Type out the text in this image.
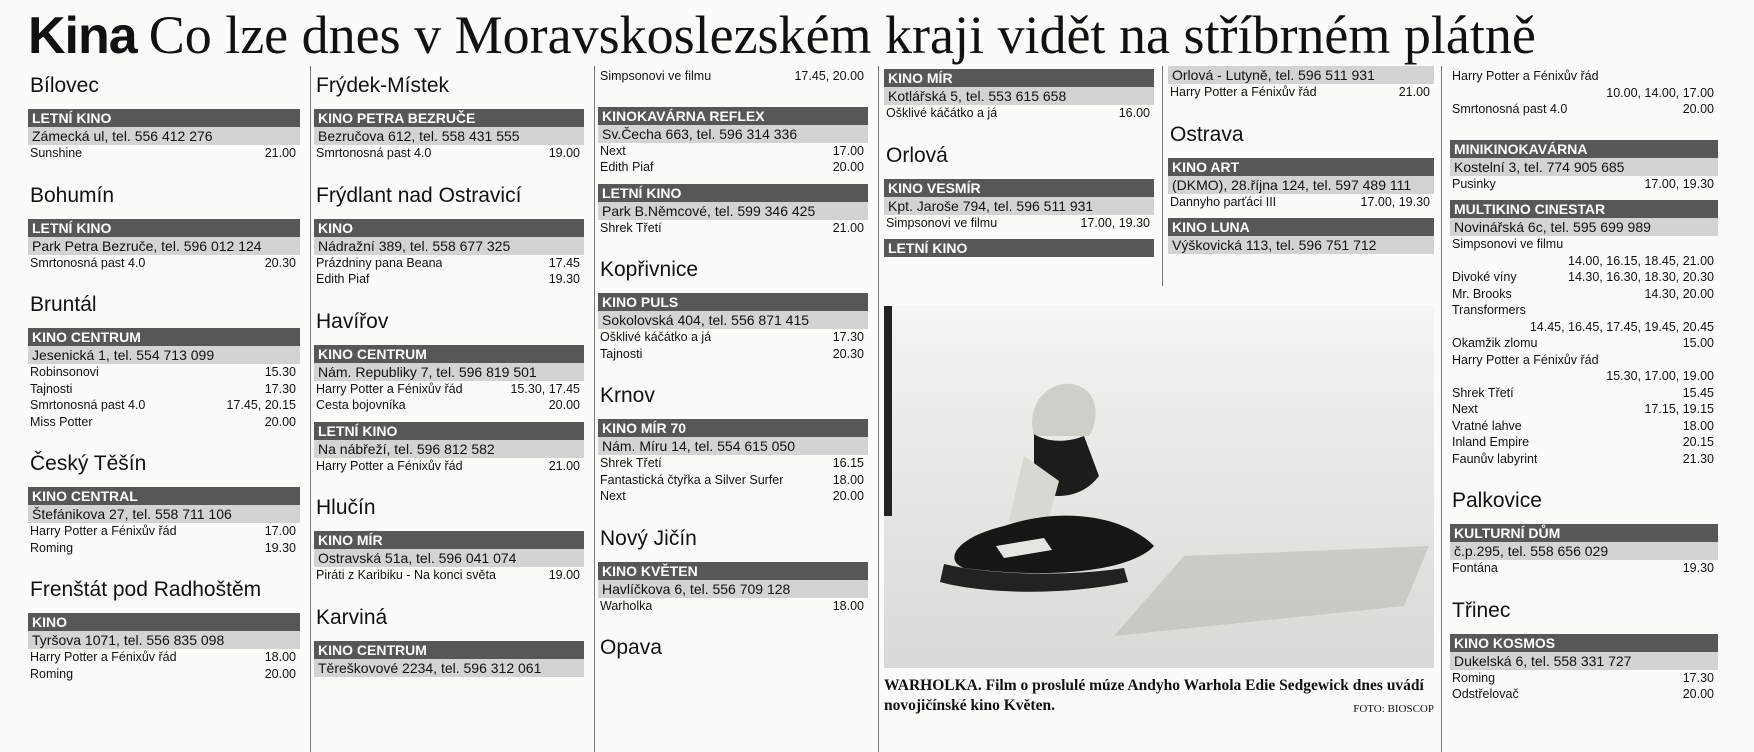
Kina Co lze dnes v Moravskoslezském kraji vidět na stříbrném plátně
Bílovec
LETNÍ KINO
Zámecká ul, tel. 556 412 276
Sunshine	21.00
Bohumín
LETNÍ KINO
Park Petra Bezruče, tel. 596 012 124
Smrtonosná past 4.0	20.30
Bruntál
KINO CENTRUM
Jesenická 1, tel. 554 713 099
Robinsonovi	15.30
Tajnosti	17.30
Smrtonosná past 4.0	17.45, 20.15
Miss Potter	20.00
Český Těšín
KINO CENTRAL
Štefánikova 27, tel. 558 711 106
Harry Potter a Fénixův řád	17.00
Roming	19.30
Frenštát pod Radhoštěm
KINO
Tyršova 1071, tel. 556 835 098
Harry Potter a Fénixův řád	18.00
Roming	20.00
Frýdek-Místek
KINO PETRA BEZRUČE
Bezručova 612, tel. 558 431 555
Smrtonosná past 4.0	19.00
Frýdlant nad Ostravicí
KINO
Nádražní 389, tel. 558 677 325
Prázdniny pana Beana	17.45
Edith Piaf	19.30
Havířov
KINO CENTRUM
Nám. Republiky 7, tel. 596 819 501
Harry Potter a Fénixův řád	15.30, 17.45
Cesta bojovníka	20.00
LETNÍ KINO
Na nábřeží, tel. 596 812 582
Harry Potter a Fénixův řád	21.00
Hlučín
KINO MÍR
Ostravská 51a, tel. 596 041 074
Piráti z Karibiku - Na konci světa	19.00
Karviná
KINO CENTRUM
Těreškovové 2234, tel. 596 312 061
Simpsonovi ve filmu	17.45, 20.00
KINOKAVÁRNA REFLEX
Sv.Čecha 663, tel. 596 314 336
Next	17.00
Edith Piaf	20.00
LETNÍ KINO
Park B.Němcové, tel. 599 346 425
Shrek Třetí	21.00
Kopřivnice
KINO PULS
Sokolovská 404, tel. 556 871 415
Ošklivé káčátko a já	17.30
Tajnosti	20.30
Krnov
KINO MÍR 70
Nám. Míru 14, tel. 554 615 050
Shrek Třetí	16.15
Fantastická čtyřka a Silver Surfer	18.00
Next	20.00
Nový Jičín
KINO KVĚTEN
Havlíčkova 6, tel. 556 709 128
Warholka	18.00
Opava
KINO MÍR
Kotlářská 5, tel. 553 615 658
Ošklivé káčátko a já	16.00
Orlová
KINO VESMÍR
Kpt. Jaroše 794, tel. 596 511 931
Simpsonovi ve filmu	17.00, 19.30
LETNÍ KINO
Orlová - Lutyně, tel. 596 511 931
Harry Potter a Fénixův řád	21.00
Ostrava
KINO ART
(DKMO), 28.října 124, tel. 597 489 111
Dannyho parťáci III	17.00, 19.30
KINO LUNA
Výškovická 113, tel. 596 751 712
Harry Potter a Fénixův řád
10.00, 14.00, 17.00
Smrtonosná past 4.0	20.00
MINIKINOKAVÁRNA
Kostelní 3, tel. 774 905 685
Pusinky	17.00, 19.30
MULTIKINO CINESTAR
Novinářská 6c, tel. 595 699 989
Simpsonovi ve filmu
14.00, 16.15, 18.45, 21.00
Divoké víny	14.30, 16.30, 18.30, 20.30
Mr. Brooks	14.30, 20.00
Transformers
14.45, 16.45, 17.45, 19.45, 20.45
Okamžik zlomu	15.00
Harry Potter a Fénixův řád
15.30, 17.00, 19.00
Shrek Třetí	15.45
Next	17.15, 19.15
Vratné lahve	18.00
Inland Empire	20.15
Faunův labyrint	21.30
Palkovice
KULTURNÍ DŮM
č.p.295, tel. 558 656 029
Fontána	19.30
Třinec
KINO KOSMOS
Dukelská 6, tel. 558 331 727
Roming	17.30
Odstřelovač	20.00
WARHOLKA. Film o proslulé múze Andyho Warhola Edie Sedgewick dnes uvádí novojičínské kino Květen.	FOTO: BIOSCOP
